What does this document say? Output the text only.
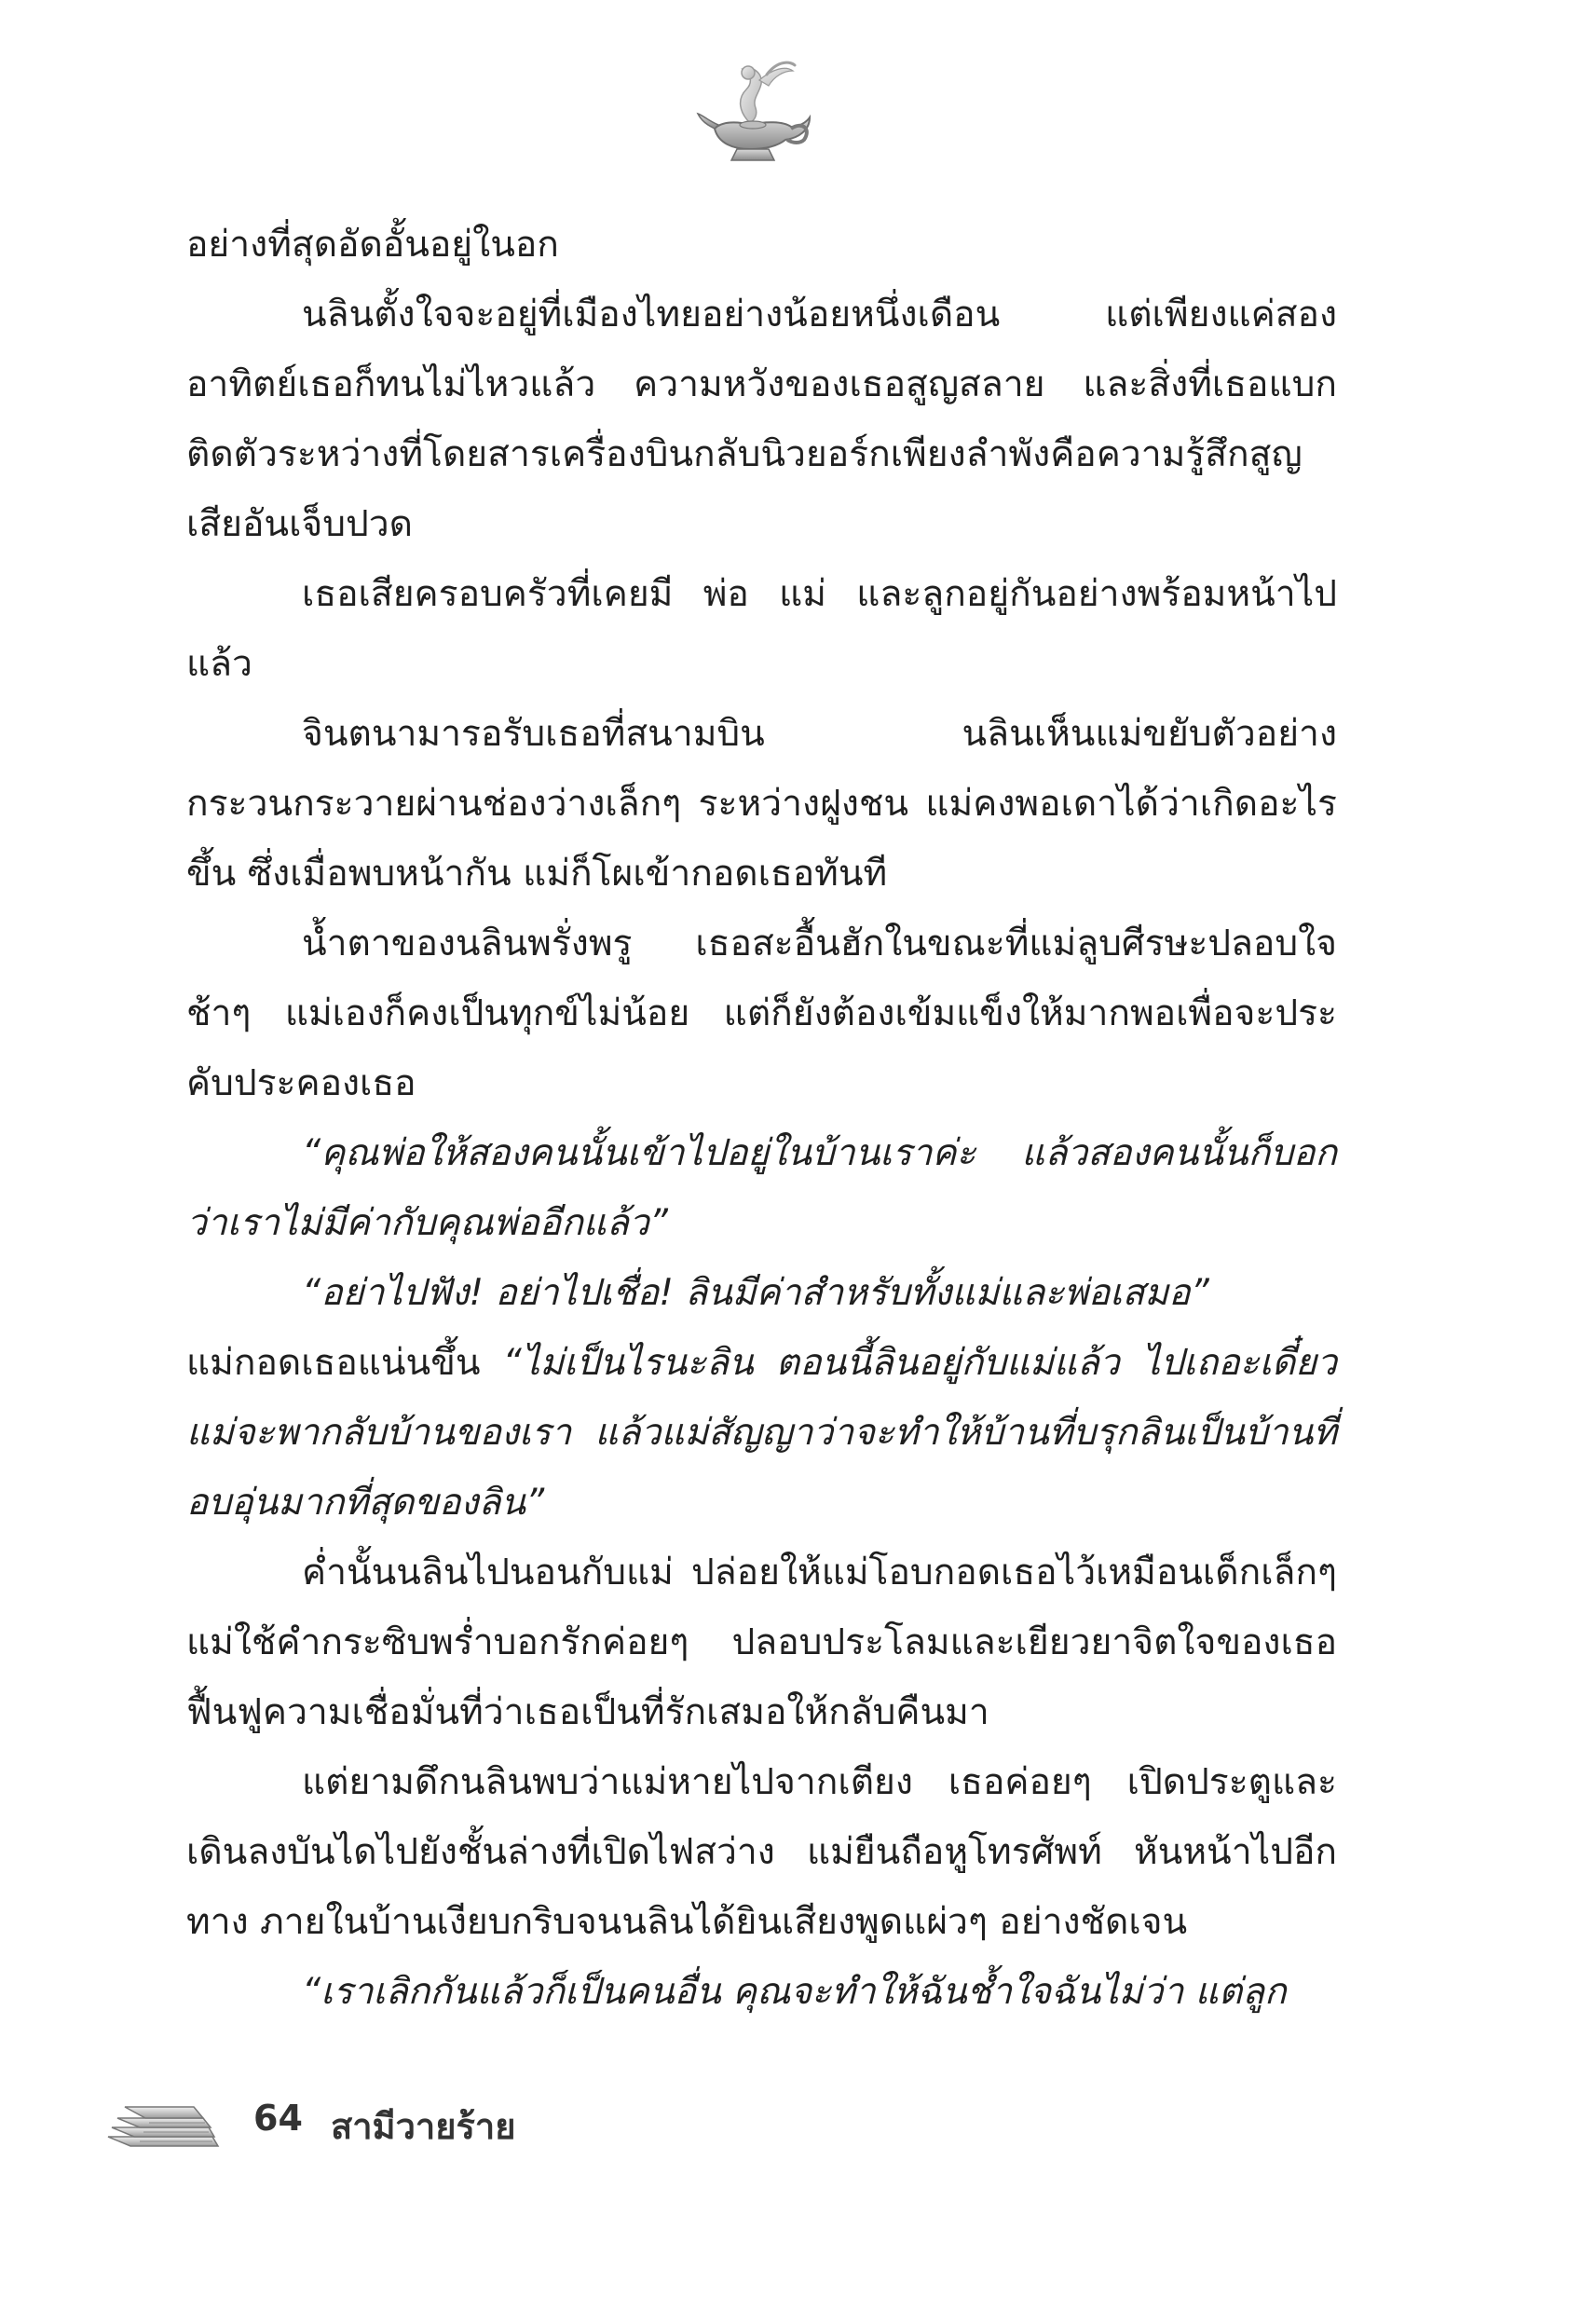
อย่างที่สุดอัดอั้นอยู่ในอก

นลินตั้งใจจะอยู่ที่เมืองไทยอย่างน้อยหนึ่งเดือน แต่เพียงแค่สองอาทิตย์เธอก็ทนไม่ไหวแล้ว ความหวังของเธอสูญสลาย และสิ่งที่เธอแบกติดตัวระหว่างที่โดยสารเครื่องบินกลับนิวยอร์กเพียงลำพังคือความรู้สึกสูญเสียอันเจ็บปวด

เธอเสียครอบครัวที่เคยมี พ่อ แม่ และลูกอยู่กันอย่างพร้อมหน้าไปแล้ว

จินตนามารอรับเธอที่สนามบิน นลินเห็นแม่ขยับตัวอย่างกระวนกระวายผ่านช่องว่างเล็กๆ ระหว่างฝูงชน แม่คงพอเดาได้ว่าเกิดอะไรขึ้น ซึ่งเมื่อพบหน้ากัน แม่ก็โผเข้ากอดเธอทันที

น้ำตาของนลินพรั่งพรู เธอสะอื้นฮักในขณะที่แม่ลูบศีรษะปลอบใจช้าๆ แม่เองก็คงเป็นทุกข์ไม่น้อย แต่ก็ยังต้องเข้มแข็งให้มากพอเพื่อจะประคับประคองเธอ

“คุณพ่อให้สองคนนั้นเข้าไปอยู่ในบ้านเราค่ะ แล้วสองคนนั้นก็บอกว่าเราไม่มีค่ากับคุณพ่ออีกแล้ว”

“อย่าไปฟัง! อย่าไปเชื่อ! ลินมีค่าสำหรับทั้งแม่และพ่อเสมอ”

แม่กอดเธอแน่นขึ้น “ไม่เป็นไรนะลิน ตอนนี้ลินอยู่กับแม่แล้ว ไปเถอะเดี๋ยวแม่จะพากลับบ้านของเรา แล้วแม่สัญญาว่าจะทำให้บ้านที่บรุกลินเป็นบ้านที่อบอุ่นมากที่สุดของลิน”

ค่ำนั้นนลินไปนอนกับแม่ ปล่อยให้แม่โอบกอดเธอไว้เหมือนเด็กเล็กๆ แม่ใช้คำกระซิบพร่ำบอกรักค่อยๆ ปลอบประโลมและเยียวยาจิตใจของเธอ ฟื้นฟูความเชื่อมั่นที่ว่าเธอเป็นที่รักเสมอให้กลับคืนมา

แต่ยามดึกนลินพบว่าแม่หายไปจากเตียง เธอค่อยๆ เปิดประตูและเดินลงบันไดไปยังชั้นล่างที่เปิดไฟสว่าง แม่ยืนถือหูโทรศัพท์ หันหน้าไปอีกทาง ภายในบ้านเงียบกริบจนนลินได้ยินเสียงพูดแผ่วๆ อย่างชัดเจน

“เราเลิกกันแล้วก็เป็นคนอื่น คุณจะทำให้ฉันช้ำใจฉันไม่ว่า แต่ลูก

64 สามีวายร้าย
